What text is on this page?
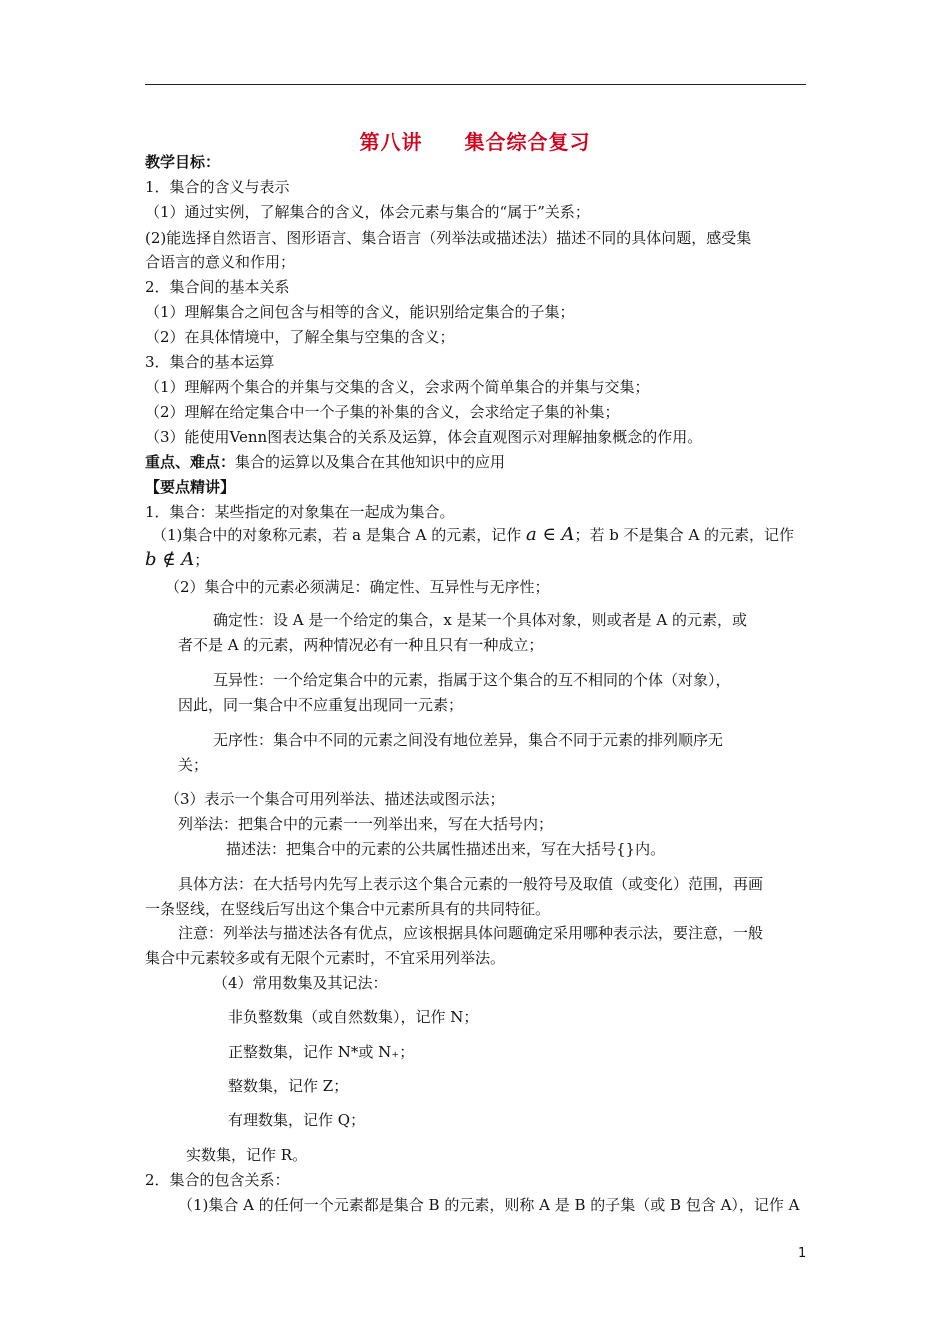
第八讲　　集合综合复习
教学目标：
1．集合的含义与表示
（1）通过实例，了解集合的含义，体会元素与集合的“属于”关系；
(2)能选择自然语言、图形语言、集合语言（列举法或描述法）描述不同的具体问题，感受集
合语言的意义和作用；
2．集合间的基本关系
（1）理解集合之间包含与相等的含义，能识别给定集合的子集；
（2）在具体情境中，了解全集与空集的含义；
3．集合的基本运算
（1）理解两个集合的并集与交集的含义，会求两个简单集合的并集与交集；
（2）理解在给定集合中一个子集的补集的含义，会求给定子集的补集；
（3）能使用Venn图表达集合的关系及运算，体会直观图示对理解抽象概念的作用。
重点、难点：集合的运算以及集合在其他知识中的应用
【要点精讲】
1．集合：某些指定的对象集在一起成为集合。
（1)集合中的对象称元素，若 a 是集合 A 的元素，记作 a ∈ A；若 b 不是集合 A 的元素，记作
b ∉ A；
（2）集合中的元素必须满足：确定性、互异性与无序性；
确定性：设 A 是一个给定的集合，x 是某一个具体对象，则或者是 A 的元素，或
者不是 A 的元素，两种情况必有一种且只有一种成立；
互异性：一个给定集合中的元素，指属于这个集合的互不相同的个体（对象），
因此，同一集合中不应重复出现同一元素；
无序性：集合中不同的元素之间没有地位差异，集合不同于元素的排列顺序无
关；
（3）表示一个集合可用列举法、描述法或图示法；
列举法：把集合中的元素一一列举出来，写在大括号内；
描述法：把集合中的元素的公共属性描述出来，写在大括号{}内。
具体方法：在大括号内先写上表示这个集合元素的一般符号及取值（或变化）范围，再画
一条竖线，在竖线后写出这个集合中元素所具有的共同特征。
注意：列举法与描述法各有优点，应该根据具体问题确定采用哪种表示法，要注意，一般
集合中元素较多或有无限个元素时，不宜采用列举法。
（4）常用数集及其记法：
非负整数集（或自然数集），记作 N；
正整数集，记作 N*或 N₊；
整数集，记作 Z；
有理数集，记作 Q；
实数集，记作 R。
2．集合的包含关系：
（1)集合 A 的任何一个元素都是集合 B 的元素，则称 A 是 B 的子集（或 B 包含 A），记作 A
1
